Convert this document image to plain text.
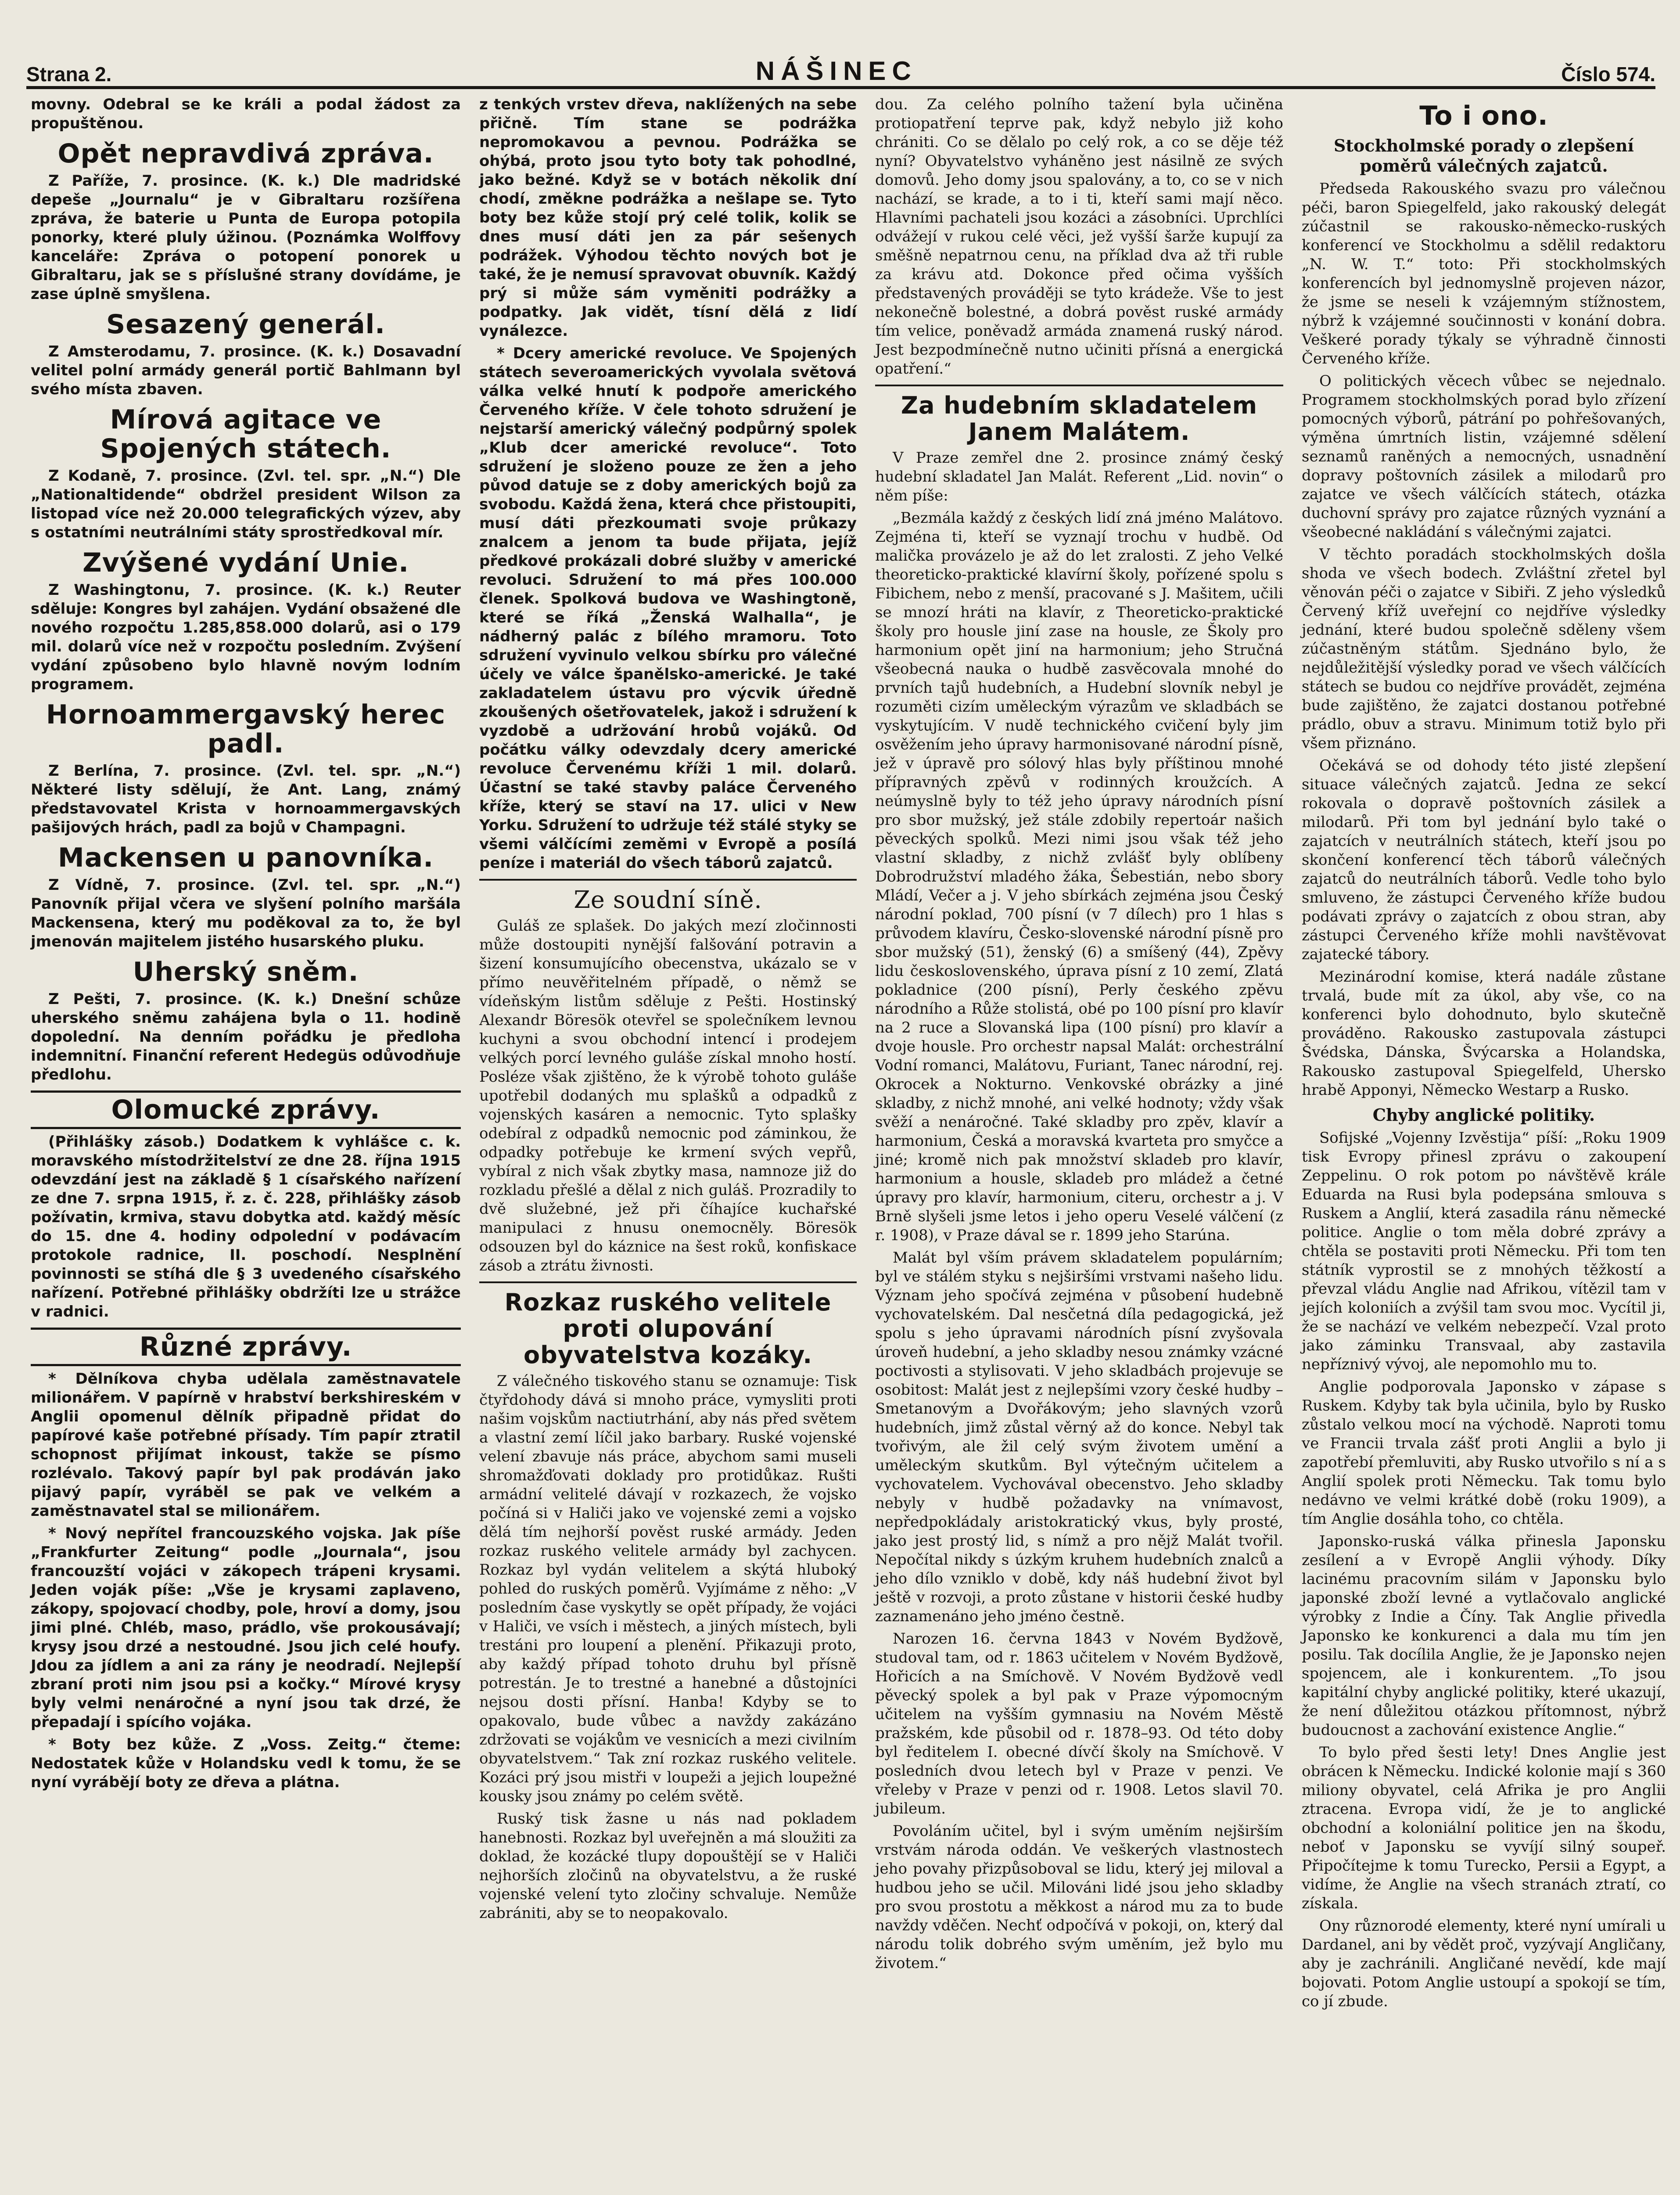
Strana 2.	NÁŠINEC	Číslo 574.

movny. Odebral se ke králi a podal žádost za propuštěnou.

Opět nepravdivá zpráva.

Z Paříže, 7. prosince. (K. k.) Dle madridské depeše „Journalu“ je v Gibraltaru rozšířena zpráva, že baterie u Punta de Europa potopila ponorky, které pluly úžinou. (Poznámka Wolffovy kanceláře: Zpráva o potopení ponorek u Gibraltaru, jak se s příslušné strany dovídáme, je zase úplně smyšlena.

Sesazený generál.

Z Amsterodamu, 7. prosince. (K. k.) Dosavadní velitel polní armády generál portič Bahlmann byl svého místa zbaven.

Mírová agitace ve Spojených státech.

Z Kodaně, 7. prosince. (Zvl. tel. spr. „N.“) Dle „Nationaltidende“ obdržel president Wilson za listopad více než 20.000 telegrafických výzev, aby s ostatními neutrálními státy sprostředkoval mír.

Zvýšené vydání Unie.

Z Washingtonu, 7. prosince. (K. k.) Reuter sděluje: Kongres byl zahájen. Vydání obsažené dle nového rozpočtu 1.285,858.000 dolarů, asi o 179 mil. dolarů více než v rozpočtu posledním. Zvýšení vydání způsobeno bylo hlavně novým lodním programem.

Hornoammergavský herec padl.

Z Berlína, 7. prosince. (Zvl. tel. spr. „N.“) Některé listy sdělují, že Ant. Lang, známý představovatel Krista v hornoammergavských pašijových hrách, padl za bojů v Champagni.

Mackensen u panovníka.

Z Vídně, 7. prosince. (Zvl. tel. spr. „N.“) Panovník přijal včera ve slyšení polního maršála Mackensena, který mu poděkoval za to, že byl jmenován majitelem jistého husarského pluku.

Uherský sněm.

Z Pešti, 7. prosince. (K. k.) Dnešní schůze uherského sněmu zahájena byla o 11. hodině dopolední. Na denním pořádku je předloha indemnitní. Finanční referent Hedegüs odůvodňuje předlohu.

Olomucké zprávy.

(Přihlášky zásob.) Dodatkem k vyhlášce c. k. moravského místodržitelství ze dne 28. října 1915 odevzdání jest na základě § 1 císařského nařízení ze dne 7. srpna 1915, ř. z. č. 228, přihlášky zásob požívatin, krmiva, stavu dobytka atd. každý měsíc do 15. dne 4. hodiny odpolední v podávacím protokole radnice, II. poschodí. Nesplnění povinnosti se stíhá dle § 3 uvedeného císařského nařízení. Potřebné přihlášky obdržíti lze u strážce v radnici.

Různé zprávy.

* Dělníkova chyba udělala zaměstnavatele milionářem. V papírně v hrabství berkshireském v Anglii opomenul dělník připadně přidat do papírové kaše potřebné přísady. Tím papír ztratil schopnost přijímat inkoust, takže se písmo rozlévalo. Takový papír byl pak prodáván jako pijavý papír, vyráběl se pak ve velkém a zaměstnavatel stal se milionářem.

* Nový nepřítel francouzského vojska. Jak píše „Frankfurter Zeitung“ podle „Journala“, jsou francouzští vojáci v zákopech trápeni krysami. Jeden voják píše: „Vše je krysami zaplaveno, zákopy, spojovací chodby, pole, hroví a domy, jsou jimi plné. Chléb, maso, prádlo, vše prokousávají; krysy jsou drzé a nestoudné. Jsou jich celé houfy. Jdou za jídlem a ani za rány je neodradí. Nejlepší zbraní proti nim jsou psi a kočky.“ Mírové krysy byly velmi nenáročné a nyní jsou tak drzé, že přepadají i spícího vojáka.

* Boty bez kůže. Z „Voss. Zeitg.“ čteme: Nedostatek kůže v Holandsku vedl k tomu, že se nyní vyrábějí boty ze dřeva a plátna.

z tenkých vrstev dřeva, naklížených na sebe přičně. Tím stane se podrážka nepromokavou a pevnou. Podrážka se ohýbá, proto jsou tyto boty tak pohodlné, jako bežné. Když se v botách několik dní chodí, změkne podrážka a nešlape se. Tyto boty bez kůže stojí prý celé tolik, kolik se dnes musí dáti jen za pár sešenych podrážek. Výhodou těchto nových bot je také, že je nemusí spravovat obuvník. Každý prý si může sám vyměniti podrážky a podpatky. Jak vidět, tísní dělá z lidí vynálezce.

* Dcery americké revoluce. Ve Spojených státech severoamerických vyvolala světová válka velké hnutí k podpoře amerického Červeného kříže. V čele tohoto sdružení je nejstarší americký válečný podpůrný spolek „Klub dcer americké revoluce“. Toto sdružení je složeno pouze ze žen a jeho původ datuje se z doby amerických bojů za svobodu. Každá žena, která chce přistoupiti, musí dáti přezkoumati svoje průkazy znalcem a jenom ta bude přijata, jejíž předkové prokázali dobré služby v americké revoluci. Sdružení to má přes 100.000 členek. Spolková budova ve Washingtoně, které se říká „Ženská Walhalla“, je nádherný palác z bílého mramoru. Toto sdružení vyvinulo velkou sbírku pro válečné účely ve válce španělsko-americké. Je také zakladatelem ústavu pro výcvik úředně zkoušených ošetřovatelek, jakož i sdružení k vyzdobě a udržování hrobů vojáků. Od počátku války odevzdaly dcery americké revoluce Červenému kříži 1 mil. dolarů. Účastní se také stavby paláce Červeného kříže, který se staví na 17. ulici v New Yorku. Sdružení to udržuje též stálé styky se všemi válčícími zeměmi v Evropě a posílá peníze i materiál do všech táborů zajatců.

Ze soudní síně.

Guláš ze splašek. Do jakých mezí zločinnosti může dostoupiti nynější falšování potravin a šizení konsumujícího obecenstva, ukázalo se v přímo neuvěřitelném případě, o němž se vídeňským listům sděluje z Pešti. Hostinský Alexandr Böresök otevřel se společníkem levnou kuchyni a svou obchodní intencí i prodejem velkých porcí levného guláše získal mnoho hostí. Posléze však zjištěno, že k výrobě tohoto guláše upotřebil dodaných mu splašků a odpadků z vojenských kasáren a nemocnic. Tyto splašky odebíral z odpadků nemocnic pod záminkou, že odpadky potřebuje ke krmení svých vepřů, vybíral z nich však zbytky masa, namnoze již do rozkladu přešlé a dělal z nich guláš. Prozradily to dvě služebné, jež při číhajíce kuchařské manipulaci z hnusu onemocněly. Böresök odsouzen byl do káznice na šest roků, konfiskace zásob a ztrátu živnosti.

Rozkaz ruského velitele proti olupování obyvatelstva kozáky.

Z válečného tiskového stanu se oznamuje: Tisk čtyřdohody dává si mnoho práce, vymysliti proti našim vojskům nactiutrhání, aby nás před světem a vlastní zemí líčil jako barbary. Ruské vojenské velení zbavuje nás práce, abychom sami museli shromažďovati doklady pro protidůkaz. Rušti armádní velitelé dávají v rozkazech, že vojsko počíná si v Haliči jako ve vojenské zemi a vojsko dělá tím nejhorší pověst ruské armády. Jeden rozkaz ruského velitele armády byl zachycen. Rozkaz byl vydán velitelem a skýtá hluboký pohled do ruských poměrů. Vyjímáme z něho: „V posledním čase vyskytly se opět případy, že vojáci v Haliči, ve vsích i městech, a jiných místech, byli trestáni pro loupení a plenění. Přikazuji proto, aby každý případ tohoto druhu byl přísně potrestán. Je to trestné a hanebné a důstojníci nejsou dosti přísní. Hanba! Kdyby se to opakovalo, bude vůbec a navždy zakázáno zdržovati se vojákům ve vesnicích a mezi civilním obyvatelstvem.“ Tak zní rozkaz ruského velitele. Kozáci prý jsou mistři v loupeži a jejich loupežné kousky jsou známy po celém světě.

Ruský tisk žasne u nás nad pokladem hanebnosti. Rozkaz byl uveřejněn a má sloužiti za doklad, že kozácké tlupy dopouštějí se v Haliči nejhorších zločinů na obyvatelstvu, a že ruské vojenské velení tyto zločiny schvaluje. Nemůže zabrániti, aby se to neopakovalo.

dou. Za celého polního tažení byla učiněna protiopatření teprve pak, když nebylo již koho chrániti. Co se dělalo po celý rok, a co se děje též nyní? Obyvatelstvo vyháněno jest násilně ze svých domovů. Jeho domy jsou spalovány, a to, co se v nich nachází, se krade, a to i ti, kteří sami mají něco. Hlavními pachateli jsou kozáci a zásobníci. Uprchlíci odvážejí v rukou celé věci, jež vyšší šarže kupují za směšně nepatrnou cenu, na příklad dva až tři ruble za krávu atd. Dokonce před očima vyšších představených prováději se tyto krádeže. Vše to jest nekonečně bolestné, a dobrá pověst ruské armády tím velice, poněvadž armáda znamená ruský národ. Jest bezpodmínečně nutno učiniti přísná a energická opatření.“

Za hudebním skladatelem Janem Malátem.

V Praze zemřel dne 2. prosince známý český hudební skladatel Jan Malát. Referent „Lid. novin“ o něm píše:

„Bezmála každý z českých lidí zná jméno Malátovo. Zejména ti, kteří se vyznají trochu v hudbě. Od malička provázelo je až do let zralosti. Z jeho Velké theoreticko-praktické klavírní školy, pořízené spolu s Fibichem, nebo z menší, pracované s J. Mašitem, učili se mnozí hráti na klavír, z Theoreticko-praktické školy pro housle jiní zase na housle, ze Školy pro harmonium opět jiní na harmonium; jeho Stručná všeobecná nauka o hudbě zasvěcovala mnohé do prvních tajů hudebních, a Hudební slovník nebyl je rozuměti cizím uměleckým výrazům ve skladbách se vyskytujícím. V nudě technického cvičení byly jim osvěžením jeho úpravy harmonisované národní písně, jež v úpravě pro sólový hlas byly příštinou mnohé přípravných zpěvů v rodinných kroužcích. A neúmyslně byly to též jeho úpravy národních písní pro sbor mužský, jež stále zdobily repertoár našich pěveckých spolků. Mezi nimi jsou však též jeho vlastní skladby, z nichž zvlášť byly oblíbeny Dobrodružství mladého žáka, Šebestián, nebo sbory Mládí, Večer a j. V jeho sbírkách zejména jsou Český národní poklad, 700 písní (v 7 dílech) pro 1 hlas s průvodem klavíru, Česko-slovenské národní písně pro sbor mužský (51), ženský (6) a smíšený (44), Zpěvy lidu československého, úprava písní z 10 zemí, Zlatá pokladnice (200 písní), Perly českého zpěvu národního a Růže stolistá, obé po 100 písní pro klavír na 2 ruce a Slovanská lipa (100 písní) pro klavír a dvoje housle. Pro orchestr napsal Malát: orchestrální Vodní romanci, Malátovu, Furiant, Tanec národní, rej. Okrocek a Nokturno. Venkovské obrázky a jiné skladby, z nichž mnohé, ani velké hodnoty; vždy však svěží a nenáročné. Také skladby pro zpěv, klavír a harmonium, Česká a moravská kvarteta pro smyčce a jiné; kromě nich pak množství skladeb pro klavír, harmonium a housle, skladeb pro mládež a četné úpravy pro klavír, harmonium, citeru, orchestr a j. V Brně slyšeli jsme letos i jeho operu Veselé válčení (z r. 1908), v Praze dával se r. 1899 jeho Starúna.

Malát byl vším právem skladatelem populárním; byl ve stálém styku s nejširšími vrstvami našeho lidu. Význam jeho spočívá zejména v působení hudebně vychovatelském. Dal nesčetná díla pedagogická, jež spolu s jeho úpravami národních písní zvyšovala úroveň hudební, a jeho skladby nesou známky vzácné poctivosti a stylisovati. V jeho skladbách projevuje se osobitost: Malát jest z nejlepšími vzory české hudby – Smetanovým a Dvořákovým; jeho slavných vzorů hudebních, jimž zůstal věrný až do konce. Nebyl tak tvořivým, ale žil celý svým životem umění a uměleckým skutkům. Byl výtečným učitelem a vychovatelem. Vychovával obecenstvo. Jeho skladby nebyly v hudbě požadavky na vnímavost, nepředpokládaly aristokratický vkus, byly prosté, jako jest prostý lid, s nímž a pro nějž Malát tvořil. Nepočítal nikdy s úzkým kruhem hudebních znalců a jeho dílo vzniklo v době, kdy náš hudební život byl ještě v rozvoji, a proto zůstane v historii české hudby zaznamenáno jeho jméno čestně.

Narozen 16. června 1843 v Novém Bydžově, studoval tam, od r. 1863 učitelem v Novém Bydžově, Hořicích a na Smíchově. V Novém Bydžově vedl pěvecký spolek a byl pak v Praze výpomocným učitelem na vyšším gymnasiu na Novém Městě pražském, kde působil od r. 1878–93. Od této doby byl ředitelem I. obecné dívčí školy na Smíchově. V posledních dvou letech byl v Praze v penzi. Ve vřeleby v Praze v penzi od r. 1908. Letos slavil 70. jubileum.

Povoláním učitel, byl i svým uměním nejširším vrstvám národa oddán. Ve veškerých vlastnostech jeho povahy přizpůsoboval se lidu, který jej miloval a hudbou jeho se učil. Milováni lidé jsou jeho skladby pro svou prostotu a měkkost a národ mu za to bude navždy vděčen. Nechť odpočívá v pokoji, on, který dal národu tolik dobrého svým uměním, jež bylo mu životem.“

To i ono.
Stockholmské porady o zlepšení poměrů válečných zajatců.

Předseda Rakouského svazu pro válečnou péči, baron Spiegelfeld, jako rakouský delegát zúčastnil se rakousko-německo-ruských konferencí ve Stockholmu a sdělil redaktoru „N. W. T.“ toto: Při stockholmských konferencích byl jednomyslně projeven názor, že jsme se neseli k vzájemným stížnostem, nýbrž k vzájemné součinnosti v konání dobra. Veškeré porady týkaly se výhradně činnosti Červeného kříže.

O politických věcech vůbec se nejednalo. Programem stockholmských porad bylo zřízení pomocných výborů, pátrání po pohřešovaných, výměna úmrtních listin, vzájemné sdělení seznamů raněných a nemocných, usnadnění dopravy poštovních zásilek a milodarů pro zajatce ve všech válčících státech, otázka duchovní správy pro zajatce různých vyznání a všeobecné nakládání s válečnými zajatci.

V těchto poradách stockholmských došla shoda ve všech bodech. Zvláštní zřetel byl věnován péči o zajatce v Sibiři. Z jeho výsledků Červený kříž uveřejní co nejdříve výsledky jednání, které budou společně sděleny všem zúčastněným státům. Sjednáno bylo, že nejdůležitější výsledky porad ve všech válčících státech se budou co nejdříve provádět, zejména bude zajištěno, že zajatci dostanou potřebné prádlo, obuv a stravu. Minimum totiž bylo při všem přiznáno.

Očekává se od dohody této jisté zlepšení situace válečných zajatců. Jedna ze sekcí rokovala o dopravě poštovních zásilek a milodarů. Při tom byl jednání bylo také o zajatcích v neutrálních státech, kteří jsou po skončení konferencí těch táborů válečných zajatců do neutrálních táborů. Vedle toho bylo smluveno, že zástupci Červeného kříže budou podávati zprávy o zajatcích z obou stran, aby zástupci Červeného kříže mohli navštěvovat zajatecké tábory.

Mezinárodní komise, která nadále zůstane trvalá, bude mít za úkol, aby vše, co na konferenci bylo dohodnuto, bylo skutečně prováděno. Rakousko zastupovala zástupci Švédska, Dánska, Švýcarska a Holandska, Rakousko zastupoval Spiegelfeld, Uhersko hrabě Apponyi, Německo Westarp a Rusko.

Chyby anglické politiky.

Sofijské „Vojenny Izvěstija“ píší: „Roku 1909 tisk Evropy přinesl zprávu o zakoupení Zeppelinu. O rok potom po návštěvě krále Eduarda na Rusi byla podepsána smlouva s Ruskem a Anglií, která zasadila ránu německé politice. Anglie o tom měla dobré zprávy a chtěla se postaviti proti Německu. Při tom ten státník vyprostil se z mnohých těžkostí a převzal vládu Anglie nad Afrikou, vítězil tam v jejích koloniích a zvýšil tam svou moc. Vycítil ji, že se nachází ve velkém nebezpečí. Vzal proto jako záminku Transvaal, aby zastavila nepříznivý vývoj, ale nepomohlo mu to.

Anglie podporovala Japonsko v zápase s Ruskem. Kdyby tak byla učinila, bylo by Rusko zůstalo velkou mocí na východě. Naproti tomu ve Francii trvala zášť proti Anglii a bylo ji zapotřebí přemluviti, aby Rusko utvořilo s ní a s Anglií spolek proti Německu. Tak tomu bylo nedávno ve velmi krátké době (roku 1909), a tím Anglie dosáhla toho, co chtěla.

Japonsko-ruská válka přinesla Japonsku zesílení a v Evropě Anglii výhody. Díky lacinému pracovním silám v Japonsku bylo japonské zboží levné a vytlačovalo anglické výrobky z Indie a Číny. Tak Anglie přivedla Japonsko ke konkurenci a dala mu tím jen posilu. Tak docílila Anglie, že je Japonsko nejen spojencem, ale i konkurentem. „To jsou kapitální chyby anglické politiky, které ukazují, že není důležitou otázkou přítomnost, nýbrž budoucnost a zachování existence Anglie.“

To bylo před šesti lety! Dnes Anglie jest obrácen k Německu. Indické kolonie mají s 360 miliony obyvatel, celá Afrika je pro Anglii ztracena. Evropa vidí, že je to anglické obchodní a koloniální politice jen na škodu, neboť v Japonsku se vyvíjí silný soupeř. Připočítejme k tomu Turecko, Persii a Egypt, a vidíme, že Anglie na všech stranách ztratí, co získala.

Ony různorodé elementy, které nyní umírali u Dardanel, ani by vědět proč, vyzývají Angličany, aby je zachránili. Angličané nevědí, kde mají bojovati. Potom Anglie ustoupí a spokojí se tím, co jí zbude.
